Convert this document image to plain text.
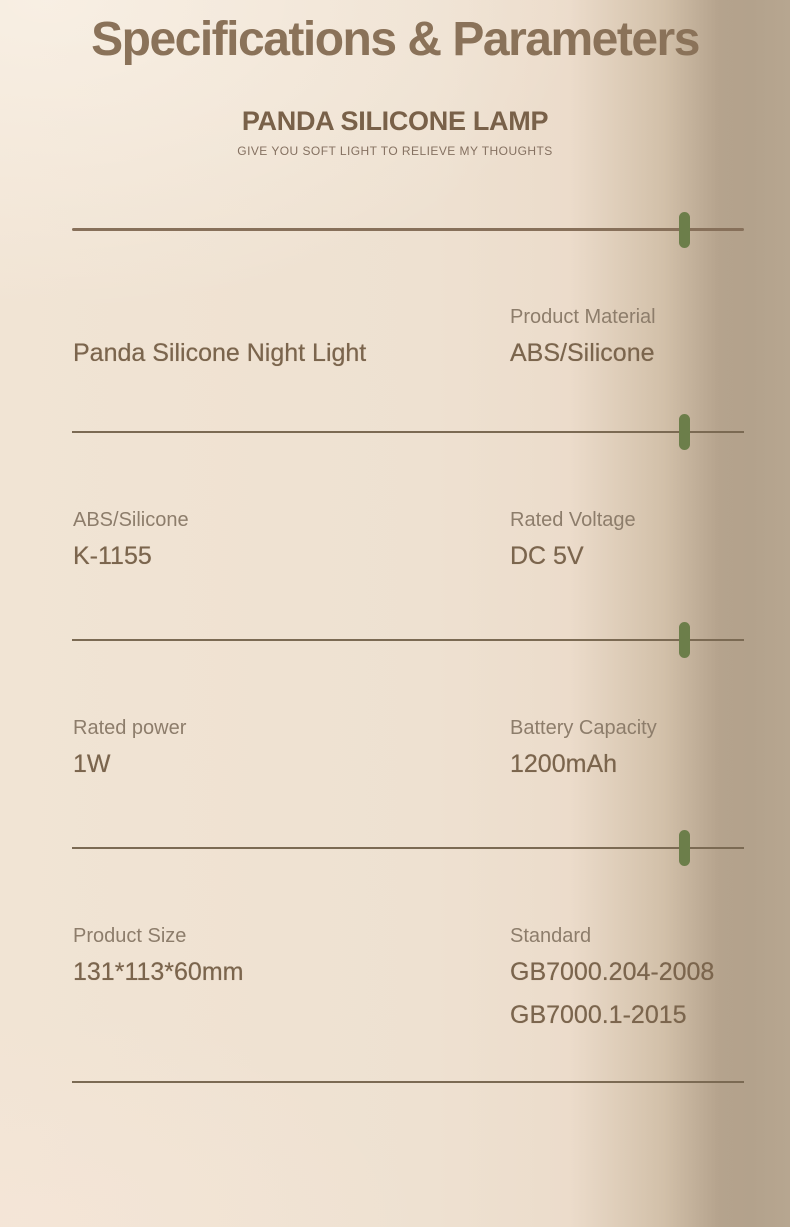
Specifications & Parameters
PANDA SILICONE LAMP
GIVE YOU SOFT LIGHT TO RELIEVE MY THOUGHTS
Panda Silicone Night Light
Product Material
ABS/Silicone
ABS/Silicone
K-1155
Rated Voltage
DC 5V
Rated power
1W
Battery Capacity
1200mAh
Product Size
131*113*60mm
Standard
GB7000.204-2008
GB7000.1-2015
